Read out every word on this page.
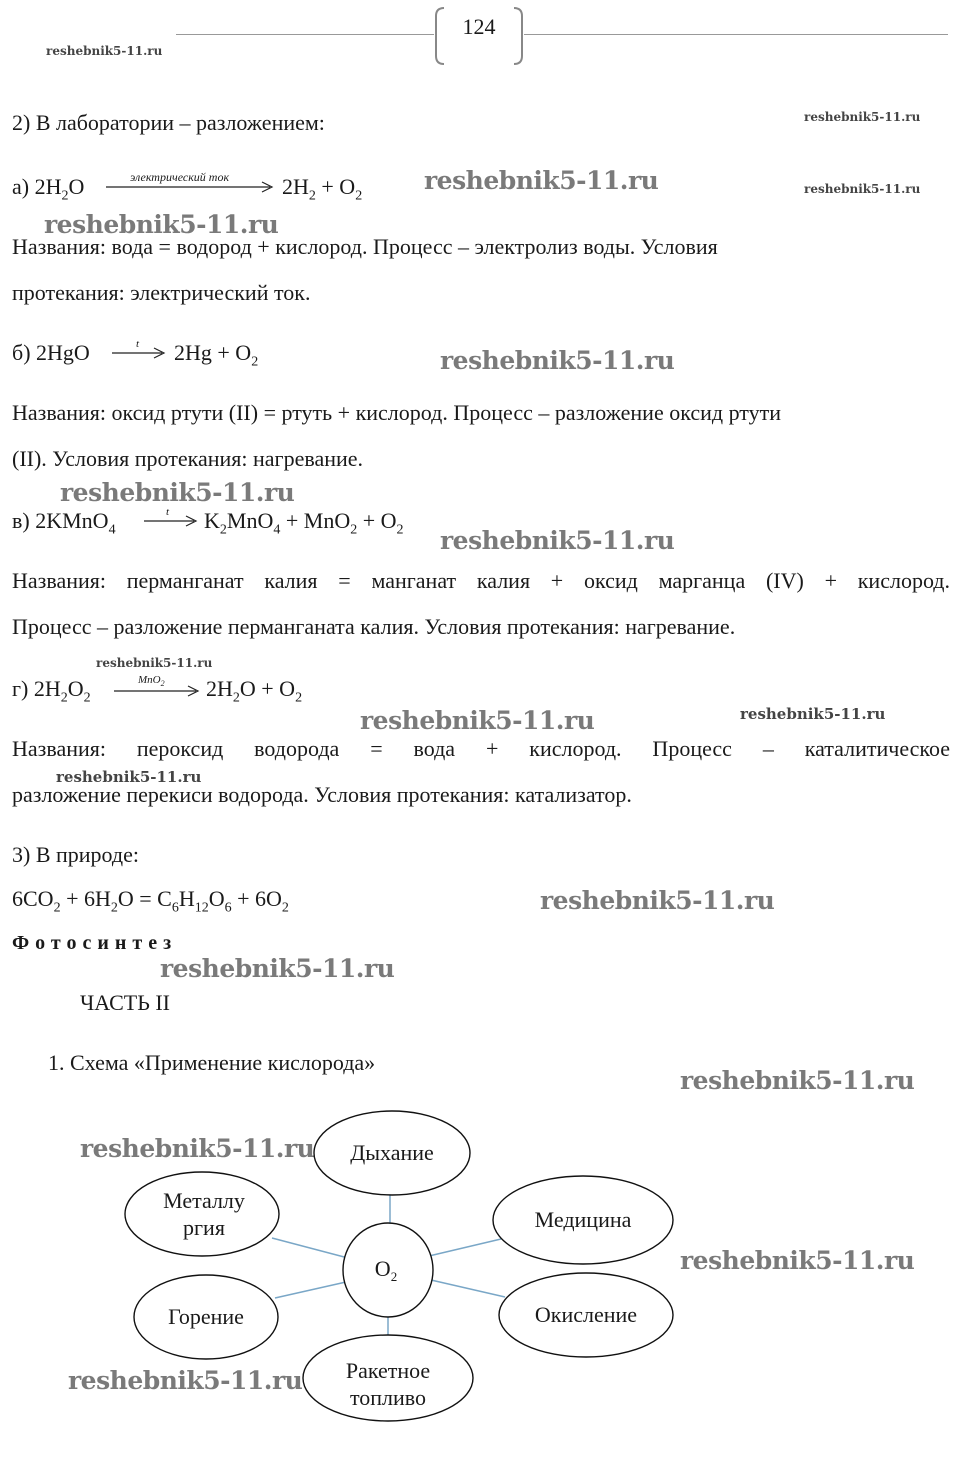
124
reshebnik5-11.ru
reshebnik5-11.ru
reshebnik5-11.ru
reshebnik5-11.ru
reshebnik5-11.ru
reshebnik5-11.ru
reshebnik5-11.ru
reshebnik5-11.ru
reshebnik5-11.ru
reshebnik5-11.ru
reshebnik5-11.ru
reshebnik5-11.ru
reshebnik5-11.ru
reshebnik5-11.ru
reshebnik5-11.ru
reshebnik5-11.ru
reshebnik5-11.ru
reshebnik5-11.ru
2) В лаборатории – разложением:
а) $2H_2O$	электрический ток $2H_2 + O_2$
Названия: вода = водород + кислород. Процесс – электролиз воды. Условия
протекания: электрический ток.
б) 2HgO	t $2Hg + O_2$
Названия: оксид ртути (II) = ртуть + кислород. Процесс – разложение оксид ртути
(II). Условия протекания: нагревание.
в) 2KMnO$_4$
t $K_2MnO_4 + MnO_2 + O_2$
Названия: перманганат калия = манганат калия + оксид марганца (IV) + кислород.
Процесс – разложение перманганата калия. Условия протекания: нагревание.
г) $2H_2O_2$
MnO$_2$ $2H_2O + O_2$
Названия: пероксид водорода = вода + кислород. Процесс – каталитическое
разложение перекиси водорода. Условия протекания: катализатор.
3) В природе:
$6CO_2 + 6H_2O = C_6H_{12}O_6 + 6O_2$
Фотосинтез
ЧАСТЬ II
1. Схема «Применение кислорода»
Дыхание
Металлу
ргия	Медицина
Горение	Окисление
Ракетное
топливо
$O_2$
